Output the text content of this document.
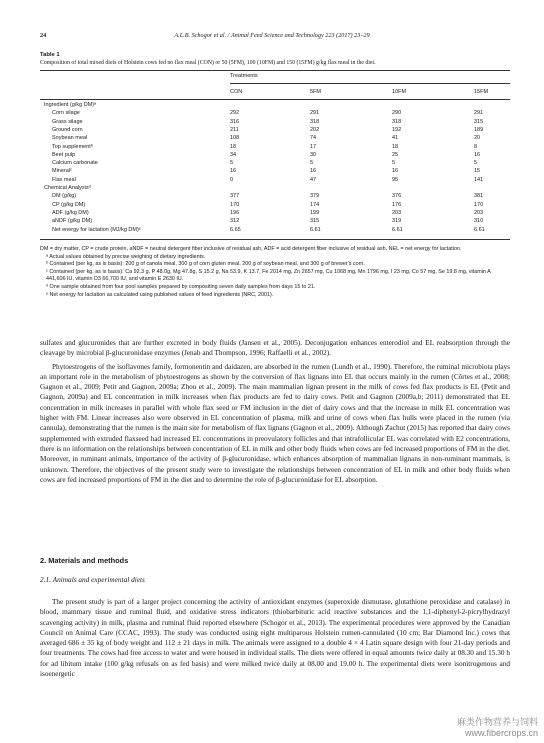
24	A.L.B. Schogor et al. / Animal Feed Science and Technology 223 (2017) 23–29
Table 1
Composition of total mixed diets of Holstein cows fed no flax meal (CON) or 50 (5FM), 100 (10FM) and 150 (15FM) g/kg flax meal in the diet.
Treatments
CON	5FM	10FM	15FM
Ingredient (g/kg DM)ᵃ
Corn silage	292	291	290	291
Grass silage	316	318	318	315
Ground corn	211	202	192	189
Soybean meal	108	74	41	20
Top supplementᵇ	18	17	18	8
Beet pulp	34	30	25	16
Calcium carbonate	5	5	5	5
Mineralᶜ	16	16	16	15
Flax meal	0	47	95	141
Chemical Analysisᵈ
DM (g/kg)	377	379	376	381
CP (g/kg DM)	170	174	176	170
ADF (g/kg DM)	196	199	203	203
aNDF (g/kg DM)	312	315	319	310
Net energy for lactation (MJ/kg DM)ᵉ	6.65	6.61	6.61	6.61

DM = dry matter, CP = crude protein, aNDF = neutral detergent fiber inclusive of residual ash, ADF = acid detergent fiber inclusive of residual ash, NEL = net energy for lactation.

ᵃ Actual values obtained by precise weighing of dietary ingredients.

ᵇ Contained (per kg, as is basis): 200 g of canola meal, 300 g of corn gluten meal, 200 g of soybean meal, and 300 g of brewer's corn.

ᶜ Contained (per kg, as is basis): Ca 92.3 g, P 48.0g, Mg 47.8g, S 15.2 g, Na 53.9, K 13.7, Fe 2014 mg, Zn 2657 mg, Cu 1068 mg, Mn 1796 mg, I 23 mg, Co 57 mg, Se 19.8 mg, vitamin A 441,606 IU, vitamin D3 66,700 IU, and vitamin E 2630 IU.

ᵈ One sample obtained from four pool samples prepared by compositing seven daily samples from days 15 to 21.

ᵉ Net energy for lactation as calculated using published values of feed ingredients (NRC, 2001).

sulfates and glucuronides that are further excreted in body fluids (Jansen et al., 2005). Deconjugation enhances enterodiol and EL reabsorption through the cleavage by microbial β-glucuronidase enzymes (Jenab and Thompson, 1996; Raffaelli et al., 2002).

Phytoestrogens of the isoflavones family, formonentin and daidazen, are absorbed in the rumen (Lundh et al., 1990). Therefore, the ruminal microbiota plays an important role in the metabolism of phytoestrogens as shown by the conversion of flax lignans into EL that occurs mainly in the rumen (Côrtes et al., 2008; Gagnon et al., 2009; Petit and Gagnon, 2009a; Zhou et al., 2009). The main mammalian lignan present in the milk of cows fed flax products is EL (Petit and Gagnon, 2009a) and EL concentration in milk increases when flax products are fed to dairy cows. Petit and Gagnon (2009a,b; 2011) demonstrated that EL concentration in milk increases in parallel with whole flax seed or FM inclusion in the diet of dairy cows and that the increase in milk EL concentration was higher with FM. Linear increases also were observed in EL concentration of plasma, milk and urine of cows when flax hulls were placed in the rumen (via cannula), demonstrating that the rumen is the main site for metabolism of flax lignans (Gagnon et al., 2009). Although Zachut (2015) has reported that dairy cows supplemented with extruded flaxseed had increased EL concentrations in preovulatory follicles and that intrafollicular EL was correlated with E2 concentrations, there is no information on the relationships between concentration of EL in milk and other body fluids when cows are fed increased proportions of FM in the diet. Moreover, in ruminant animals, importance of the activity of β-glucuronidase, which enhances absorption of mammalian lignans in non-ruminant mammals, is unknown. Therefore, the objectives of the present study were to investigate the relationships between concentration of EL in milk and other body fluids when cows are fed increased proportions of FM in the diet and to determine the role of β-glucuronidase for EL absorption.

2. Materials and methods
2.1. Animals and experimental diets

The present study is part of a larger project concerning the activity of antioxidant enzymes (superoxide dismutase, glutathione peroxidase and catalase) in blood, mammary tissue and ruminal fluid, and oxidative stress indicators (thiobarbituric acid reactive substances and the 1,1-diphenyl-2-picrylhydrazyl scavenging activity) in milk, plasma and ruminal fluid reported elsewhere (Schogor et al., 2013). The experimental procedures were approved by the Canadian Council on Animal Care (CCAC, 1993). The study was conducted using eight multiparous Holstein rumen-cannulated (10 cm; Bar Diamond Inc.) cows that averaged 686 ± 35 kg of body weight and 112 ± 21 days in milk. The animals were assigned to a double 4 × 4 Latin square design with four 21-day periods and four treatments. The cows had free access to water and were housed in individual stalls. The diets were offered in equal amounts twice daily at 08.30 and 15.30 h for ad libitum intake (100 g/kg refusals on as fed basis) and were milked twice daily at 08.00 and 19.00 h. The experimental diets were isonitrogenous and isoenergetic

麻类作物营养与饲料
www.fibercrops.cn
